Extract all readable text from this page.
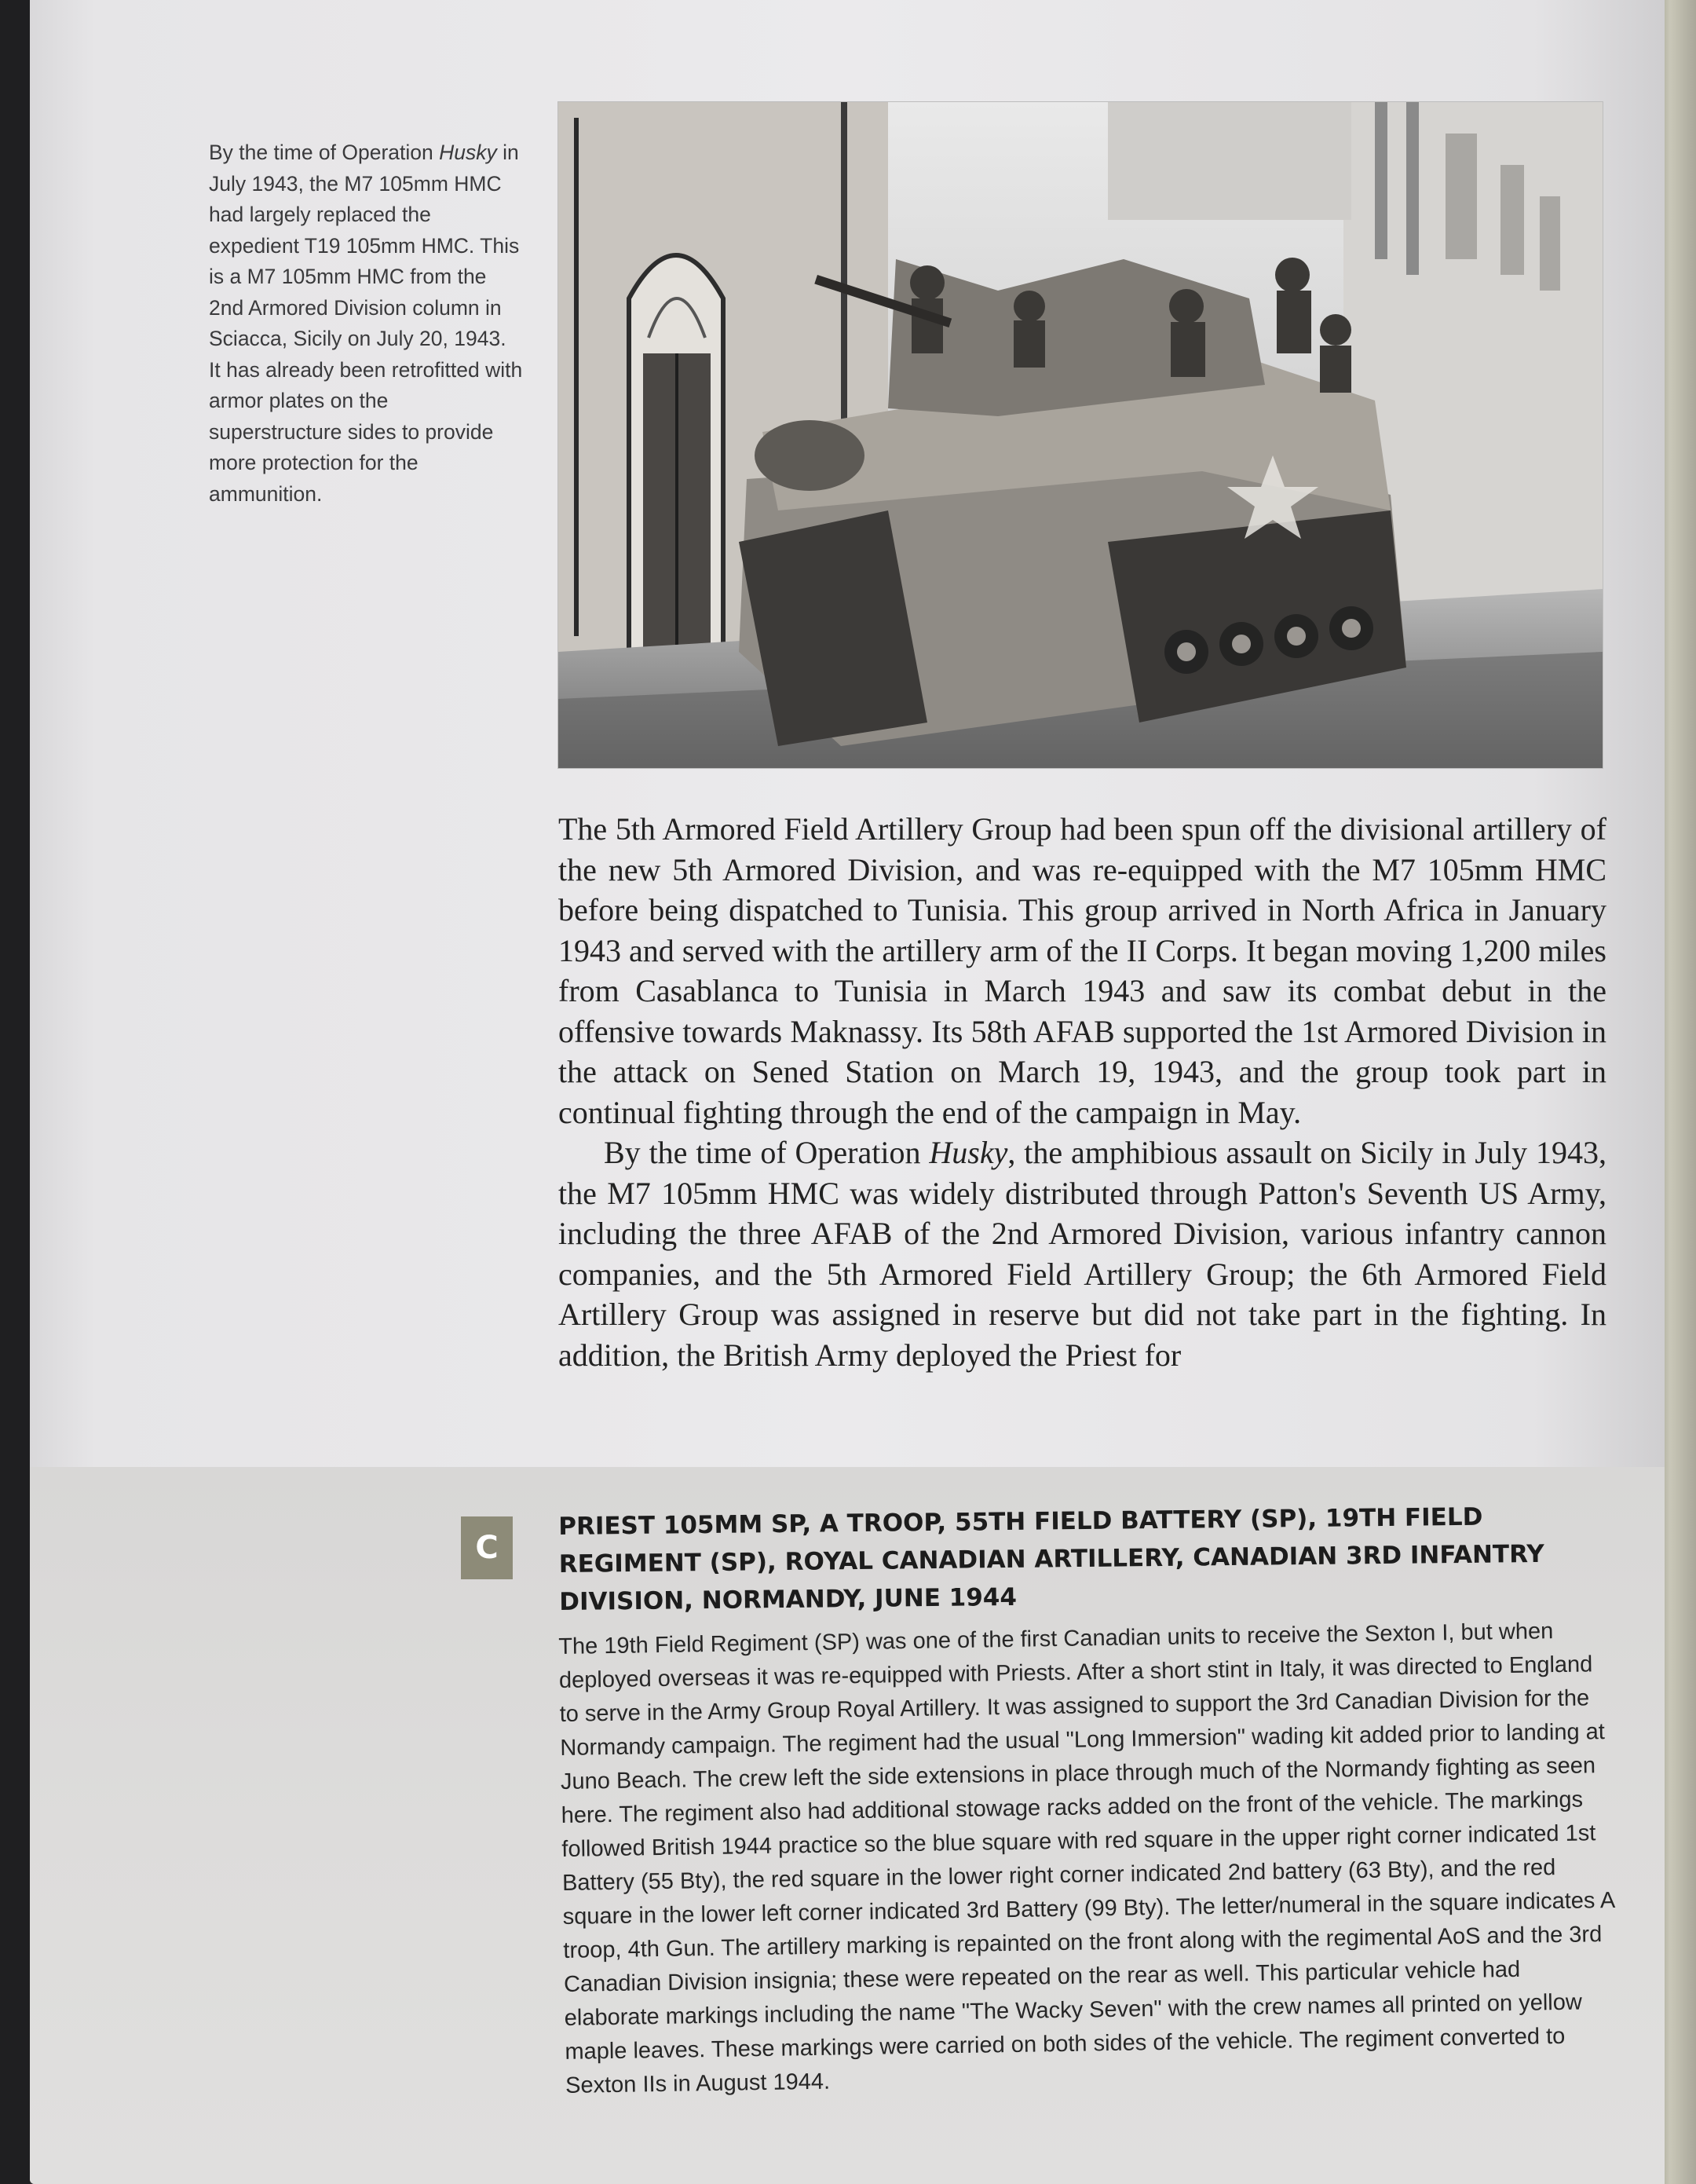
By the time of Operation Husky in July 1943, the M7 105mm HMC had largely replaced the expedient T19 105mm HMC. This is a M7 105mm HMC from the 2nd Armored Division column in Sciacca, Sicily on July 20, 1943. It has already been retrofitted with armor plates on the superstructure sides to provide more protection for the ammunition.

The 5th Armored Field Artillery Group had been spun off the divisional artillery of the new 5th Armored Division, and was re-equipped with the M7 105mm HMC before being dispatched to Tunisia. This group arrived in North Africa in January 1943 and served with the artillery arm of the II Corps. It began moving 1,200 miles from Casablanca to Tunisia in March 1943 and saw its combat debut in the offensive towards Maknassy. Its 58th AFAB supported the 1st Armored Division in the attack on Sened Station on March 19, 1943, and the group took part in continual fighting through the end of the campaign in May.

By the time of Operation Husky, the amphibious assault on Sicily in July 1943, the M7 105mm HMC was widely distributed through Patton's Seventh US Army, including the three AFAB of the 2nd Armored Division, various infantry cannon companies, and the 5th Armored Field Artillery Group; the 6th Armored Field Artillery Group was assigned in reserve but did not take part in the fighting. In addition, the British Army deployed the Priest for

C
PRIEST 105MM SP, A TROOP, 55TH FIELD BATTERY (SP), 19TH FIELD REGIMENT (SP), ROYAL CANADIAN ARTILLERY, CANADIAN 3RD INFANTRY DIVISION, NORMANDY, JUNE 1944
The 19th Field Regiment (SP) was one of the first Canadian units to receive the Sexton I, but when deployed overseas it was re-equipped with Priests. After a short stint in Italy, it was directed to England to serve in the Army Group Royal Artillery. It was assigned to support the 3rd Canadian Division for the Normandy campaign. The regiment had the usual "Long Immersion" wading kit added prior to landing at Juno Beach. The crew left the side extensions in place through much of the Normandy fighting as seen here. The regiment also had additional stowage racks added on the front of the vehicle. The markings followed British 1944 practice so the blue square with red square in the upper right corner indicated 1st Battery (55 Bty), the red square in the lower right corner indicated 2nd battery (63 Bty), and the red square in the lower left corner indicated 3rd Battery (99 Bty). The letter/numeral in the square indicates A troop, 4th Gun. The artillery marking is repainted on the front along with the regimental AoS and the 3rd Canadian Division insignia; these were repeated on the rear as well. This particular vehicle had elaborate markings including the name "The Wacky Seven" with the crew names all printed on yellow maple leaves. These markings were carried on both sides of the vehicle. The regiment converted to Sexton IIs in August 1944.
